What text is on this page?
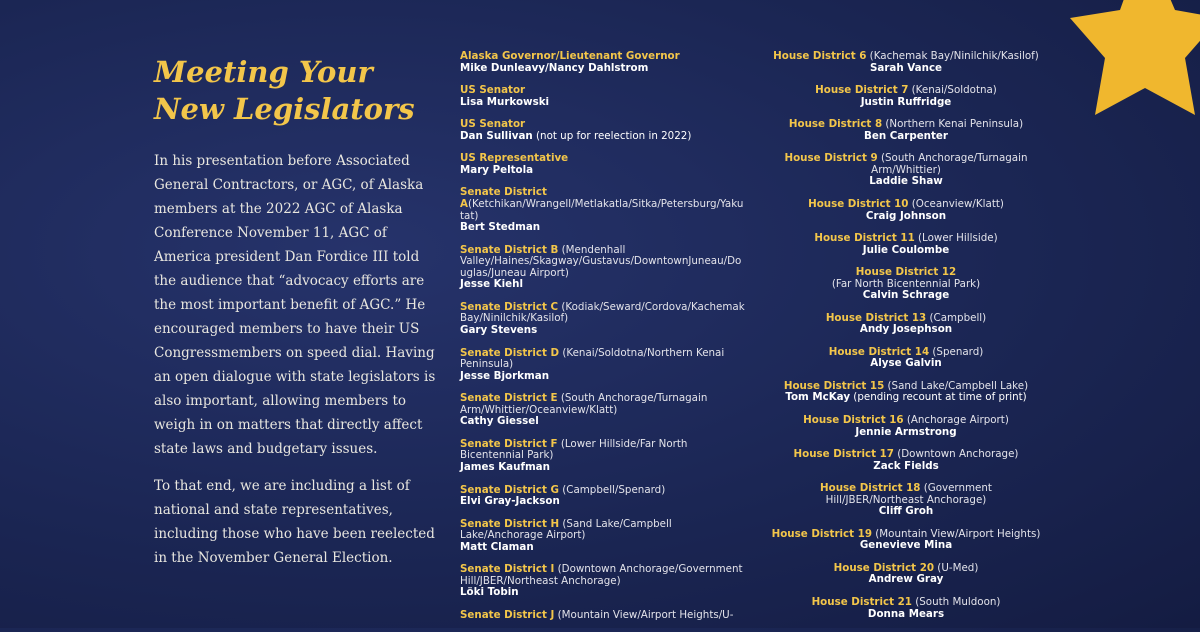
Meeting Your New Legislators

In his presentation before Associated General Contractors, or AGC, of Alaska members at the 2022 AGC of Alaska Conference November 11, AGC of America president Dan Fordice III told the audience that “advocacy efforts are the most important benefit of AGC.” He encouraged members to have their US Congressmembers on speed dial. Having an open dialogue with state legislators is also important, allowing members to weigh in on matters that directly affect state laws and budgetary issues.

To that end, we are including a list of national and state representatives, including those who have been reelected in the November General Election.

Alaska Governor/Lieutenant Governor
Mike Dunleavy/Nancy Dahlstrom
US Senator
Lisa Murkowski
US Senator
Dan Sullivan (not up for reelection in 2022)
US Representative
Mary Peltola
Senate District A(Ketchikan/Wrangell/Metlakatla/Sitka/Petersburg/Yakutat)
Bert Stedman
Senate District B (Mendenhall Valley/Haines/Skagway/Gustavus/DowntownJuneau/Douglas/Juneau Airport)
Jesse Kiehl
Senate District C (Kodiak/Seward/Cordova/Kachemak Bay/Ninilchik/Kasilof)
Gary Stevens
Senate District D (Kenai/Soldotna/Northern Kenai Peninsula)
Jesse Bjorkman
Senate District E (South Anchorage/Turnagain Arm/Whittier/Oceanview/Klatt)
Cathy Giessel
Senate District F (Lower Hillside/Far North Bicentennial Park)
James Kaufman
Senate District G (Campbell/Spenard)
Elvi Gray-Jackson
Senate District H (Sand Lake/Campbell Lake/Anchorage Airport)
Matt Claman
Senate District I (Downtown Anchorage/Government Hill/JBER/Northeast Anchorage)
Löki Tobin
Senate District J (Mountain View/Airport Heights/U-
House District 6 (Kachemak Bay/Ninilchik/Kasilof)
Sarah Vance
House District 7 (Kenai/Soldotna)
Justin Ruffridge
House District 8 (Northern Kenai Peninsula)
Ben Carpenter
House District 9 (South Anchorage/Turnagain Arm/Whittier)
Laddie Shaw
House District 10 (Oceanview/Klatt)
Craig Johnson
House District 11 (Lower Hillside)
Julie Coulombe
House District 12
(Far North Bicentennial Park)
Calvin Schrage
House District 13 (Campbell)
Andy Josephson
House District 14 (Spenard)
Alyse Galvin
House District 15 (Sand Lake/Campbell Lake)
Tom McKay (pending recount at time of print)
House District 16 (Anchorage Airport)
Jennie Armstrong
House District 17 (Downtown Anchorage)
Zack Fields
House District 18 (Government Hill/JBER/Northeast Anchorage)
Cliff Groh
House District 19 (Mountain View/Airport Heights)
Genevieve Mina
House District 20 (U-Med)
Andrew Gray
House District 21 (South Muldoon)
Donna Mears
